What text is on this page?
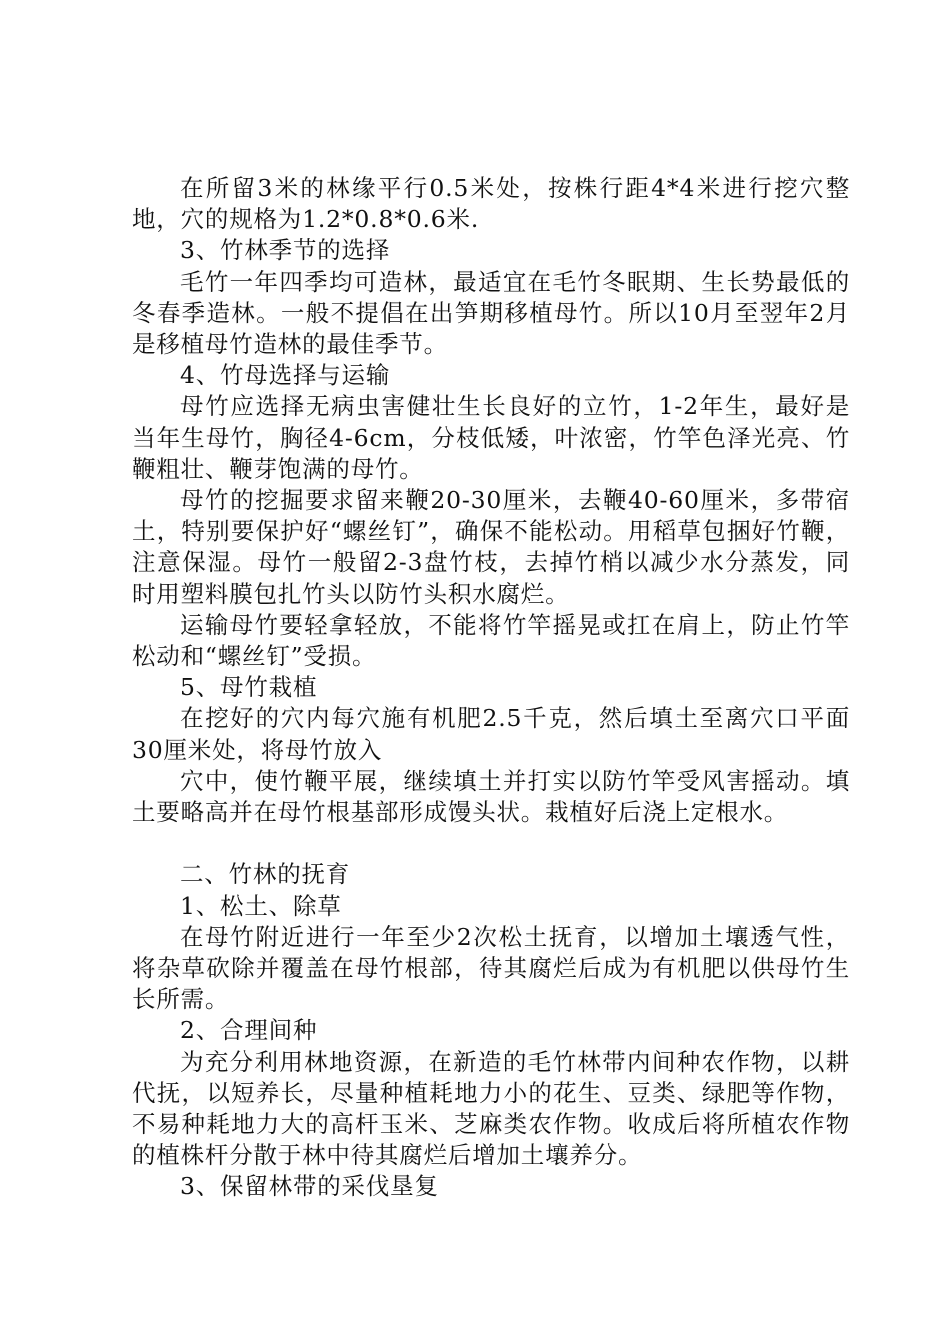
在所留3米的林缘平行0.5米处，按株行距4*4米进行挖穴整地，穴的规格为1.2*0.8*0.6米.

3、竹林季节的选择

毛竹一年四季均可造林，最适宜在毛竹冬眠期、生长势最低的冬春季造林。一般不提倡在出笋期移植母竹。所以10月至翌年2月是移植母竹造林的最佳季节。

4、竹母选择与运输

母竹应选择无病虫害健壮生长良好的立竹，1-2年生，最好是当年生母竹，胸径4-6cm，分枝低矮，叶浓密，竹竿色泽光亮、竹鞭粗壮、鞭芽饱满的母竹。

母竹的挖掘要求留来鞭20-30厘米，去鞭40-60厘米，多带宿土，特别要保护好“螺丝钉”，确保不能松动。用稻草包捆好竹鞭，注意保湿。母竹一般留2-3盘竹枝，去掉竹梢以减少水分蒸发，同时用塑料膜包扎竹头以防竹头积水腐烂。

运输母竹要轻拿轻放，不能将竹竿摇晃或扛在肩上，防止竹竿松动和“螺丝钉”受损。

5、母竹栽植

在挖好的穴内每穴施有机肥2.5千克，然后填土至离穴口平面30厘米处，将母竹放入

穴中，使竹鞭平展，继续填土并打实以防竹竿受风害摇动。填土要略高并在母竹根基部形成馒头状。栽植好后浇上定根水。

二、竹林的抚育

1、松土、除草

在母竹附近进行一年至少2次松土抚育，以增加土壤透气性，将杂草砍除并覆盖在母竹根部，待其腐烂后成为有机肥以供母竹生长所需。

2、合理间种

为充分利用林地资源，在新造的毛竹林带内间种农作物，以耕代抚，以短养长，尽量种植耗地力小的花生、豆类、绿肥等作物，不易种耗地力大的高杆玉米、芝麻类农作物。收成后将所植农作物的植株杆分散于林中待其腐烂后增加土壤养分。

3、保留林带的采伐垦复
